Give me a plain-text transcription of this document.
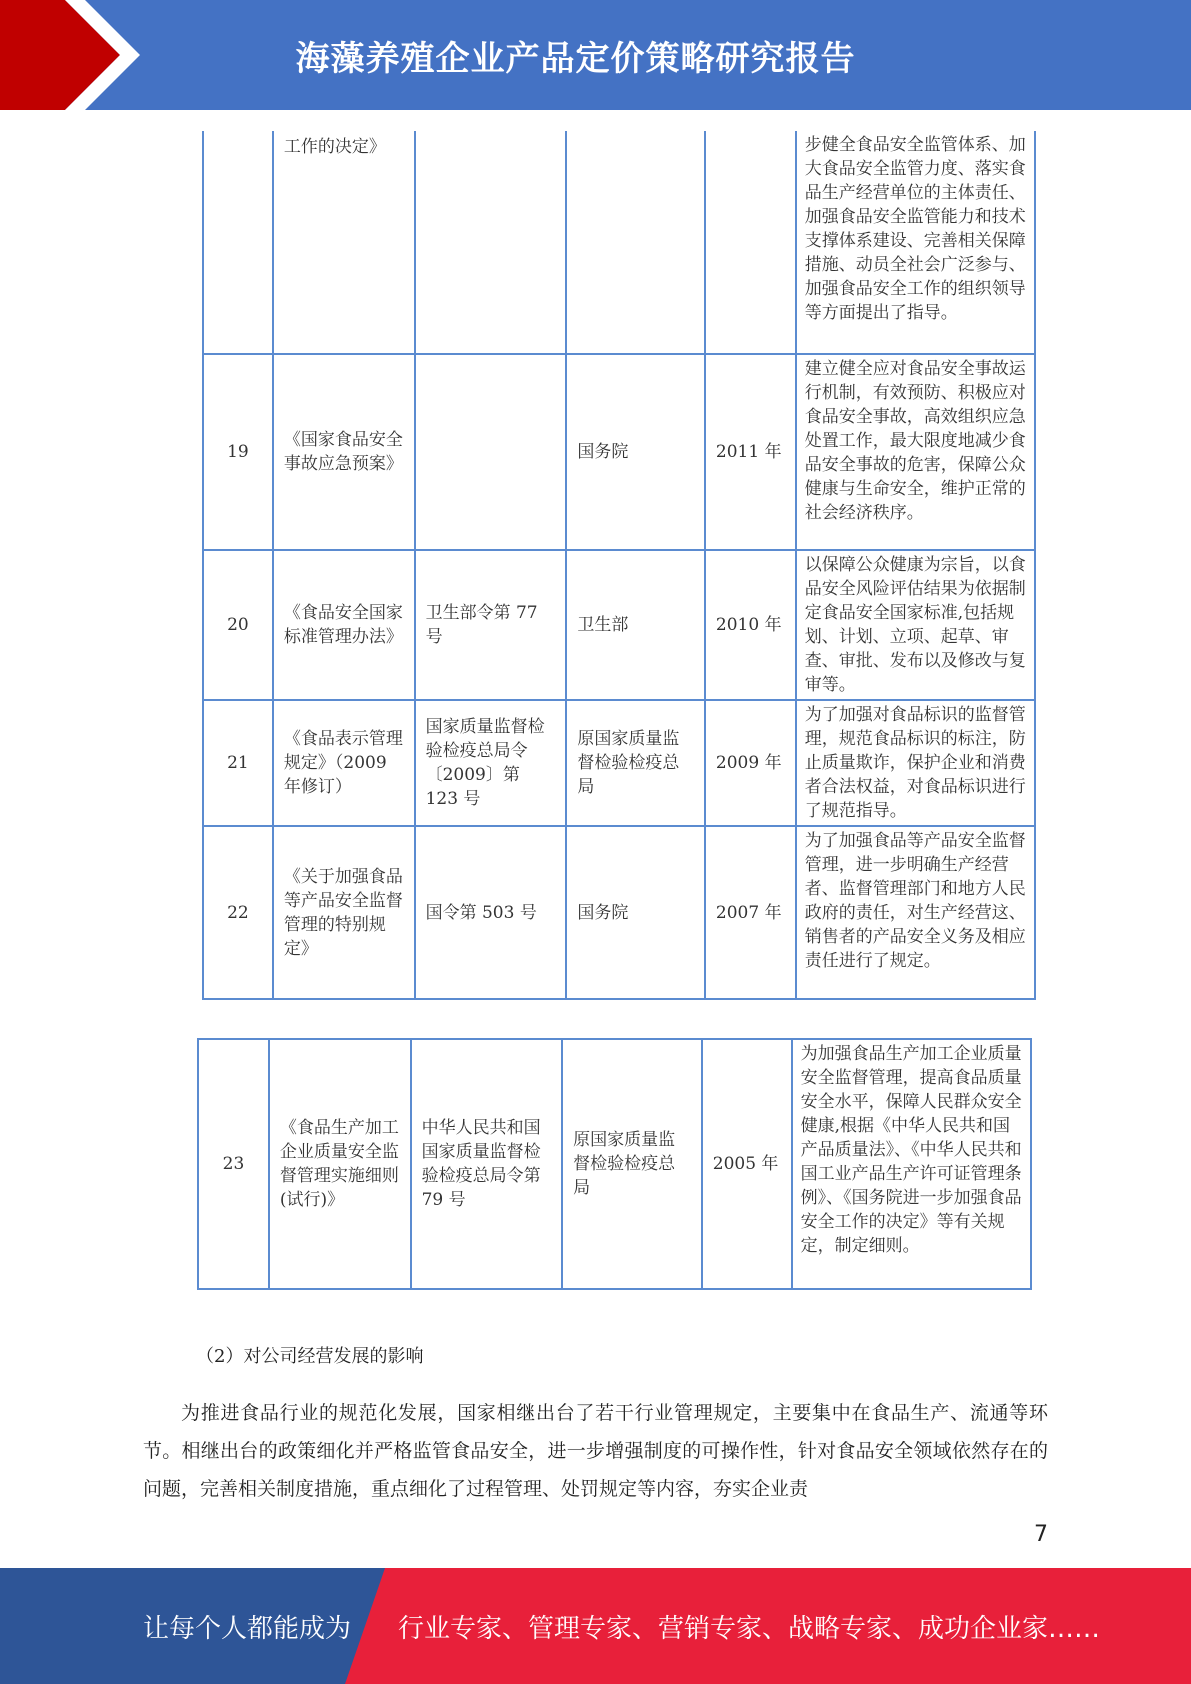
海藻养殖企业产品定价策略研究报告
	工作的决定》				步健全食品安全监管体系、加大食品安全监管力度、落实食品生产经营单位的主体责任、加强食品安全监管能力和技术支撑体系建设、完善相关保障措施、动员全社会广泛参与、加强食品安全工作的组织领导等方面提出了指导。
19	《国家食品安全事故应急预案》		国务院	2011 年	建立健全应对食品安全事故运行机制，有效预防、积极应对食品安全事故，高效组织应急处置工作，最大限度地减少食品安全事故的危害，保障公众健康与生命安全，维护正常的社会经济秩序。
20	《食品安全国家标准管理办法》	卫生部令第 77 号	卫生部	2010 年	以保障公众健康为宗旨，以食品安全风险评估结果为依据制定食品安全国家标准,包括规划、计划、立项、起草、审查、审批、发布以及修改与复审等。
21	《食品表示管理规定》（2009 年修订）	国家质量监督检验检疫总局令〔2009〕第 123 号	原国家质量监督检验检疫总局	2009 年	为了加强对食品标识的监督管理，规范食品标识的标注，防止质量欺诈，保护企业和消费者合法权益，对食品标识进行了规范指导。
22	《关于加强食品等产品安全监督管理的特别规定》	国令第 503 号	国务院	2007 年	为了加强食品等产品安全监督管理，进一步明确生产经营者、监督管理部门和地方人民政府的责任，对生产经营这、销售者的产品安全义务及相应责任进行了规定。
23	《食品生产加工企业质量安全监督管理实施细则(试行)》	中华人民共和国国家质量监督检验检疫总局令第 79 号	原国家质量监督检验检疫总局	2005 年	为加强食品生产加工企业质量安全监督管理，提高食品质量安全水平，保障人民群众安全健康,根据《中华人民共和国产品质量法》、《中华人民共和国工业产品生产许可证管理条例》、《国务院进一步加强食品安全工作的决定》等有关规定，制定细则。
（2）对公司经营发展的影响
为推进食品行业的规范化发展，国家相继出台了若干行业管理规定，主要集中在食品生产、流通等环节。相继出台的政策细化并严格监管食品安全，进一步增强制度的可操作性，针对食品安全领域依然存在的问题，完善相关制度措施，重点细化了过程管理、处罚规定等内容，夯实企业责
7
让每个人都能成为 行业专家、管理专家、营销专家、战略专家、成功企业家……
